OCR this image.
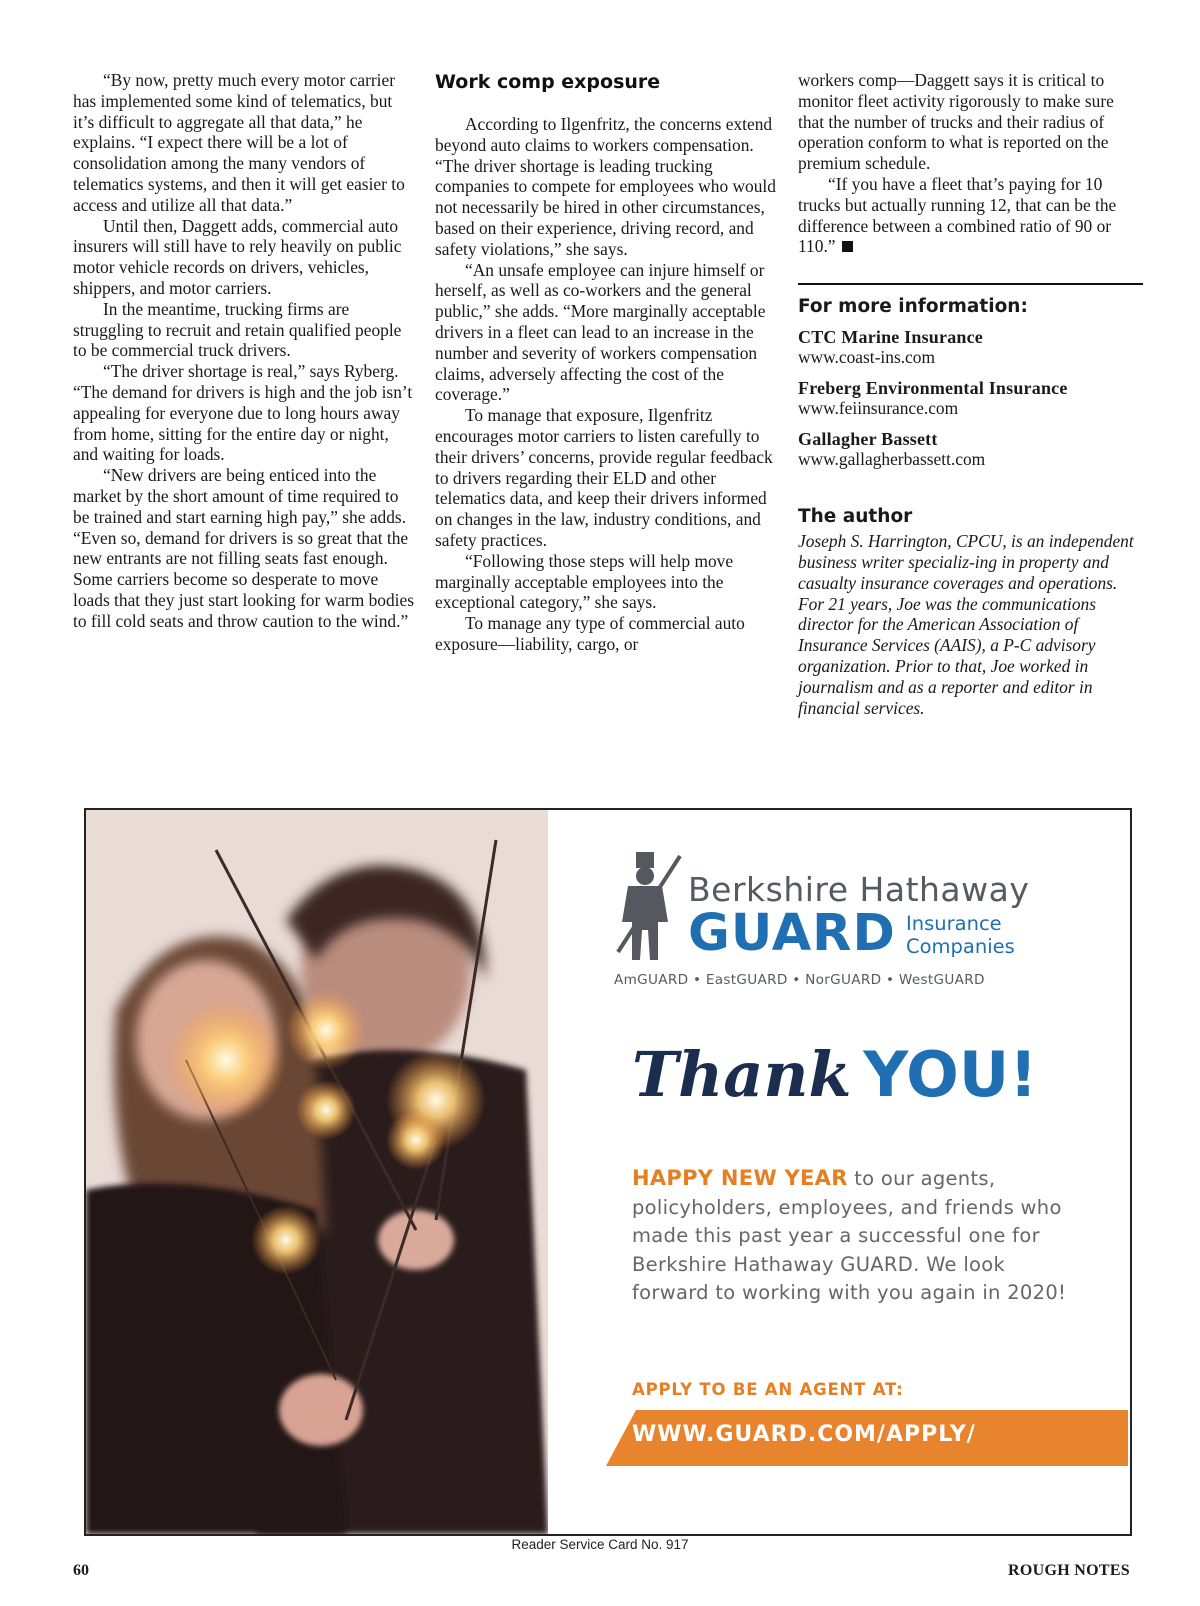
“By now, pretty much every motor carrier has implemented some kind of telematics, but it’s difficult to aggregate all that data,” he explains. “I expect there will be a lot of consolidation among the many vendors of telematics systems, and then it will get easier to access and utilize all that data.”

Until then, Daggett adds, commercial auto insurers will still have to rely heavily on public motor vehicle records on drivers, vehicles, shippers, and motor carriers.

In the meantime, trucking firms are struggling to recruit and retain qualified people to be commercial truck drivers.

“The driver shortage is real,” says Ryberg. “The demand for drivers is high and the job isn’t appealing for everyone due to long hours away from home, sitting for the entire day or night, and waiting for loads.

“New drivers are being enticed into the market by the short amount of time required to be trained and start earning high pay,” she adds. “Even so, demand for drivers is so great that the new entrants are not filling seats fast enough. Some carriers become so desperate to move loads that they just start looking for warm bodies to fill cold seats and throw caution to the wind.”

Work comp exposure

According to Ilgenfritz, the concerns extend beyond auto claims to workers compensation. “The driver shortage is leading trucking companies to compete for employees who would not necessarily be hired in other circumstances, based on their experience, driving record, and safety violations,” she says.

“An unsafe employee can injure himself or herself, as well as co-workers and the general public,” she adds. “More marginally acceptable drivers in a fleet can lead to an increase in the number and severity of workers compensation claims, adversely affecting the cost of the coverage.”

To manage that exposure, Ilgenfritz encourages motor carriers to listen carefully to their drivers’ concerns, provide regular feedback to drivers regarding their ELD and other telematics data, and keep their drivers informed on changes in the law, industry conditions, and safety practices.

“Following those steps will help move marginally acceptable employees into the exceptional category,” she says.

To manage any type of commercial auto exposure—liability, cargo, or

workers comp—Daggett says it is critical to monitor fleet activity rigorously to make sure that the number of trucks and their radius of operation conform to what is reported on the premium schedule.

“If you have a fleet that’s paying for 10 trucks but actually running 12, that can be the difference between a combined ratio of 90 or 110.”

For more information:
CTC Marine Insurance
www.coast-ins.com
Freberg Environmental Insurance
www.feiinsurance.com
Gallagher Bassett
www.gallagherbassett.com
The author
Joseph S. Harrington, CPCU, is an independent business writer specializ-ing in property and casualty insurance coverages and operations. For 21 years, Joe was the communications director for the American Association of Insurance Services (AAIS), a P-C advisory organization. Prior to that, Joe worked in journalism and as a reporter and editor in financial services.
Berkshire Hathaway
GUARD Insurance
Companies
AmGUARD • EastGUARD • NorGUARD • WestGUARD
Thank YOU!
HAPPY NEW YEAR to our agents, policyholders, employees, and friends who made this past year a successful one for Berkshire Hathaway GUARD. We look forward to working with you again in 2020!
APPLY TO BE AN AGENT AT:
WWW.GUARD.COM/APPLY/
Reader Service Card No. 917
60	ROUGH NOTES
